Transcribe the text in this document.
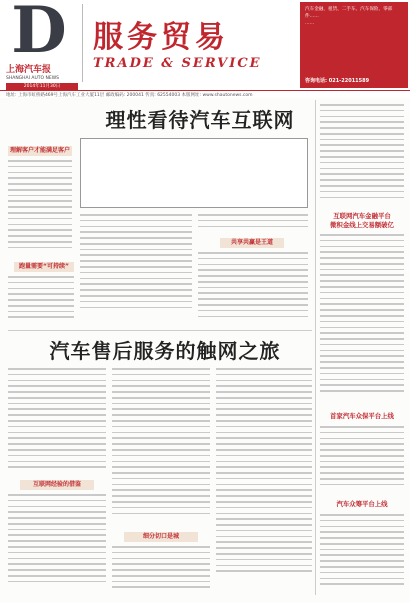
D
上海汽车报
SHANGHAI AUTO NEWS
2014年11月30日
服务贸易
TRADE & SERVICE

汽车金融、租赁、二手车、汽车保险、零部件……

……

咨询电话: 021-22011589
地址: 上海市虹桥路469号上海汽车工业大厦11层 邮政编码: 200041 传真: 62554003 本版网址: www.shautonews.com
理性看待汽车互联网

理解客户才能满足客户
跑量需要“可持续”
共享共赢是王道
互联网汽车金融平台
微积金线上交易额破亿
首家汽车众保平台上线
汽车众筹平台上线
汽车售后服务的触网之旅
互联网经验的借鉴
细分切口是城
